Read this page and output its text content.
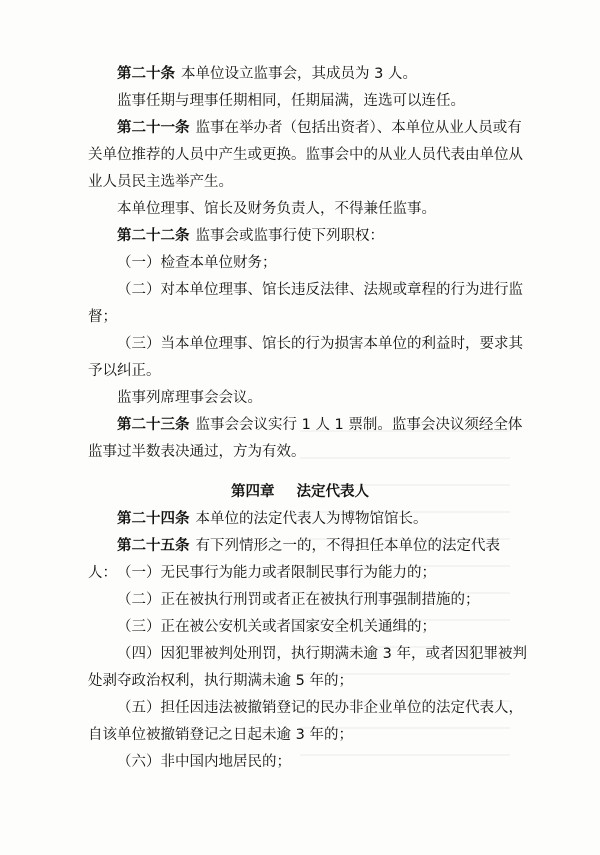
第二十条 本单位设立监事会，其成员为 3 人。

监事任期与理事任期相同，任期届满，连选可以连任。

第二十一条 监事在举办者（包括出资者）、本单位从业人员或有关单位推荐的人员中产生或更换。监事会中的从业人员代表由单位从业人员民主选举产生。

本单位理事、馆长及财务负责人，不得兼任监事。

第二十二条 监事会或监事行使下列职权：

（一）检查本单位财务；

（二）对本单位理事、馆长违反法律、法规或章程的行为进行监督；

（三）当本单位理事、馆长的行为损害本单位的利益时，要求其予以纠正。

监事列席理事会会议。

第二十三条 监事会会议实行 1 人 1 票制。监事会决议须经全体监事过半数表决通过，方为有效。

第四章 法定代表人

第二十四条 本单位的法定代表人为博物馆馆长。

第二十五条 有下列情形之一的，不得担任本单位的法定代表人： （一）无民事行为能力或者限制民事行为能力的；

（二）正在被执行刑罚或者正在被执行刑事强制措施的；

（三）正在被公安机关或者国家安全机关通缉的；

（四）因犯罪被判处刑罚，执行期满未逾 3 年，或者因犯罪被判处剥夺政治权利，执行期满未逾 5 年的；

（五）担任因违法被撤销登记的民办非企业单位的法定代表人，自该单位被撤销登记之日起未逾 3 年的；

（六）非中国内地居民的；
